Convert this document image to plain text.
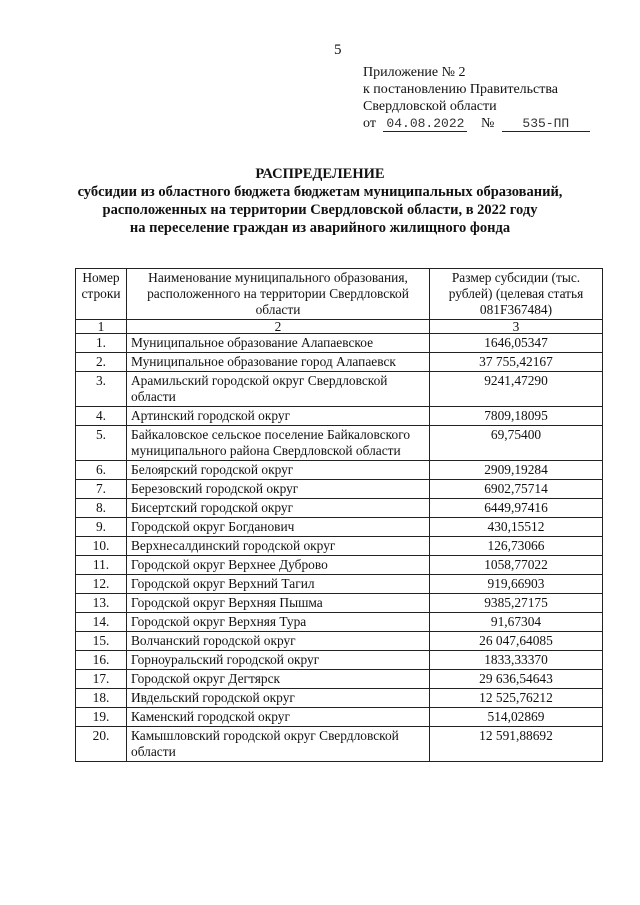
5
Приложение № 2
к постановлению Правительства
Свердловской области
от 04.08.2022 № 535-ПП
РАСПРЕДЕЛЕНИЕ
субсидии из областного бюджета бюджетам муниципальных образований,
расположенных на территории Свердловской области, в 2022 году
на переселение граждан из аварийного жилищного фонда
Номер строки	Наименование муниципального образования, расположенного на территории Свердловской области	Размер субсидии (тыс. рублей) (целевая статья 081F367484)
1	2	3
1.	Муниципальное образование Алапаевское	1646,05347
2.	Муниципальное образование город Алапаевск	37 755,42167
3.	Арамильский городской округ Свердловской области	9241,47290
4.	Артинский городской округ	7809,18095
5.	Байкаловское сельское поселение Байкаловского муниципального района Свердловской области	69,75400
6.	Белоярский городской округ	2909,19284
7.	Березовский городской округ	6902,75714
8.	Бисертский городской округ	6449,97416
9.	Городской округ Богданович	430,15512
10.	Верхнесалдинский городской округ	126,73066
11.	Городской округ Верхнее Дуброво	1058,77022
12.	Городской округ Верхний Тагил	919,66903
13.	Городской округ Верхняя Пышма	9385,27175
14.	Городской округ Верхняя Тура	91,67304
15.	Волчанский городской округ	26 047,64085
16.	Горноуральский городской округ	1833,33370
17.	Городской округ Дегтярск	29 636,54643
18.	Ивдельский городской округ	12 525,76212
19.	Каменский городской округ	514,02869
20.	Камышловский городской округ Свердловской области	12 591,88692
